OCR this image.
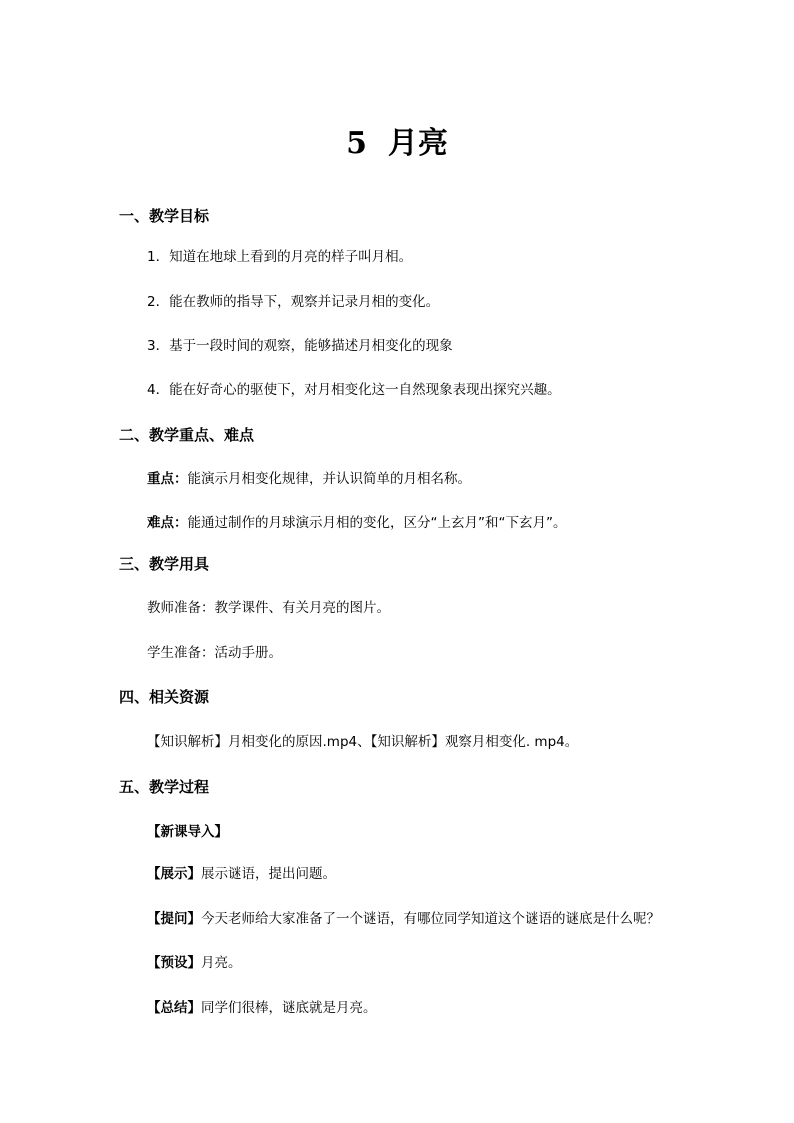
5  月亮
一、教学目标
1．知道在地球上看到的月亮的样子叫月相。
2．能在教师的指导下，观察并记录月相的变化。
3．基于一段时间的观察，能够描述月相变化的现象
4．能在好奇心的驱使下，对月相变化这一自然现象表现出探究兴趣。
二、教学重点、难点
重点：能演示月相变化规律，并认识简单的月相名称。
难点：能通过制作的月球演示月相的变化，区分“上玄月”和“下玄月”。
三、教学用具
教师准备：教学课件、有关月亮的图片。
学生准备：活动手册。
四、相关资源
【知识解析】月相变化的原因.mp4、【知识解析】观察月相变化. mp4。
五、教学过程
【新课导入】
【展示】展示谜语，提出问题。
【提问】今天老师给大家准备了一个谜语，有哪位同学知道这个谜语的谜底是什么呢？
【预设】月亮。
【总结】同学们很棒，谜底就是月亮。
